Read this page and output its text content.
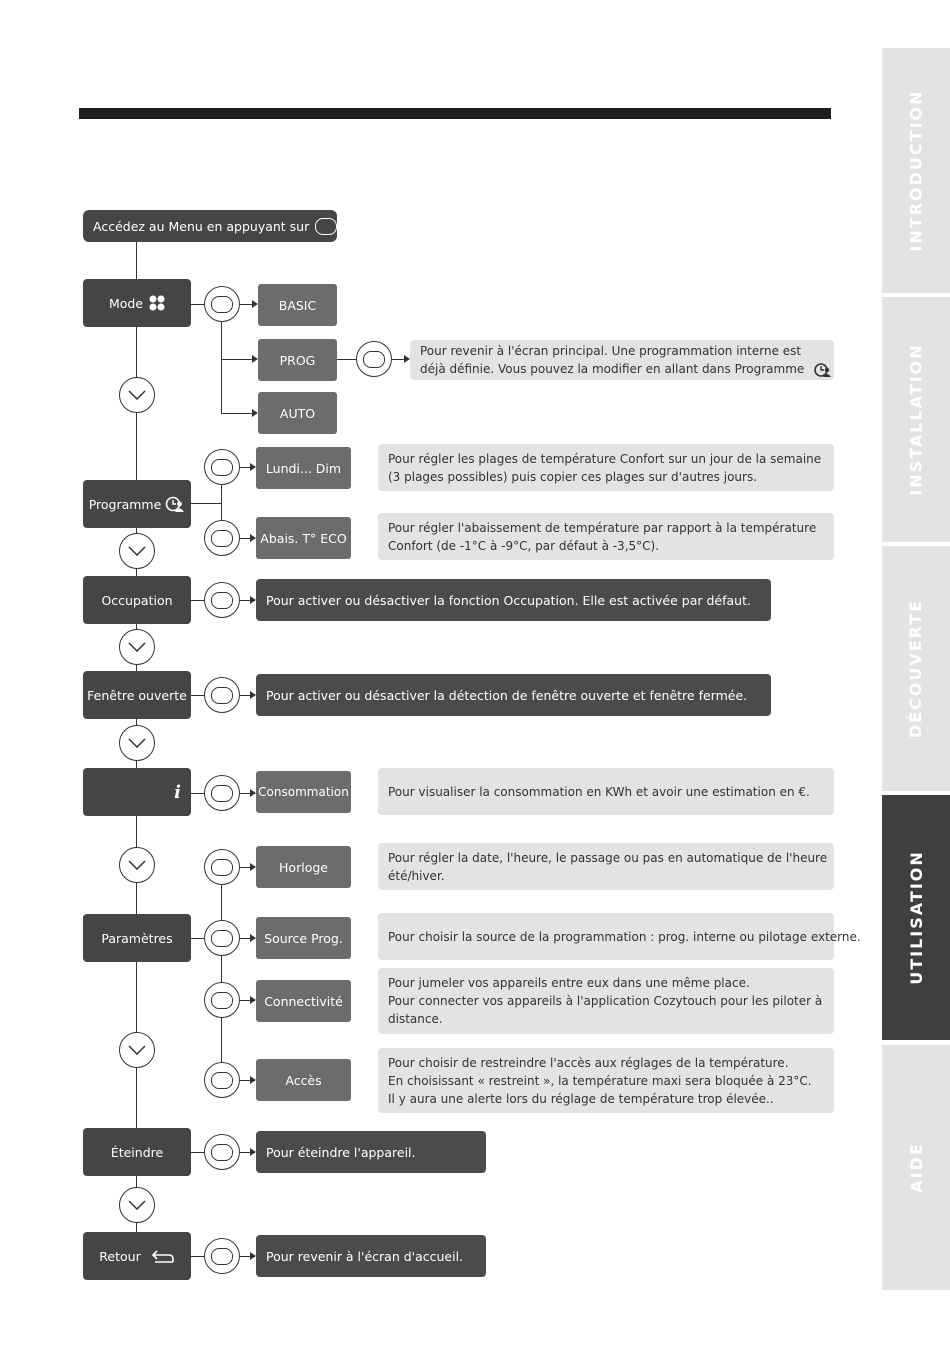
Accédez au Menu en appuyant sur
Mode	BASIC
PROG
Pour revenir à l'écran principal. Une programmation interne est
déjà définie. Vous pouvez la modifier en allant dans Programme
AUTO
Programme
Lundi... Dim
Pour régler les plages de température Confort sur un jour de la semaine
(3 plages possibles) puis copier ces plages sur d'autres jours.
Abais. T° ECO
Pour régler l'abaissement de température par rapport à la température
Confort (de -1°C à -9°C, par défaut à -3,5°C).
Occupation	Pour activer ou désactiver la fonction Occupation. Elle est activée par défaut.
Fenêtre ouverte	Pour activer ou désactiver la détection de fenêtre ouverte et fenêtre fermée.
i	Consommation	Pour visualiser la consommation en KWh et avoir une estimation en €.
Paramètres
Horloge
Pour régler la date, l'heure, le passage ou pas en automatique de l'heure
été/hiver.
Source Prog.	Pour choisir la source de la programmation : prog. interne ou pilotage externe.
Connectivité
Pour jumeler vos appareils entre eux dans une même place.
Pour connecter vos appareils à l'application Cozytouch pour les piloter à
distance.
Accès
Pour choisir de restreindre l'accès aux réglages de la température.
En choisissant « restreint », la température maxi sera bloquée à 23°C.
Il y aura une alerte lors du réglage de température trop élevée..
Éteindre	Pour éteindre l'appareil.
Retour	Pour revenir à l'écran d'accueil.
INTRODUCTION
INSTALLATION
DÉCOUVERTE
UTILISATION
AIDE
